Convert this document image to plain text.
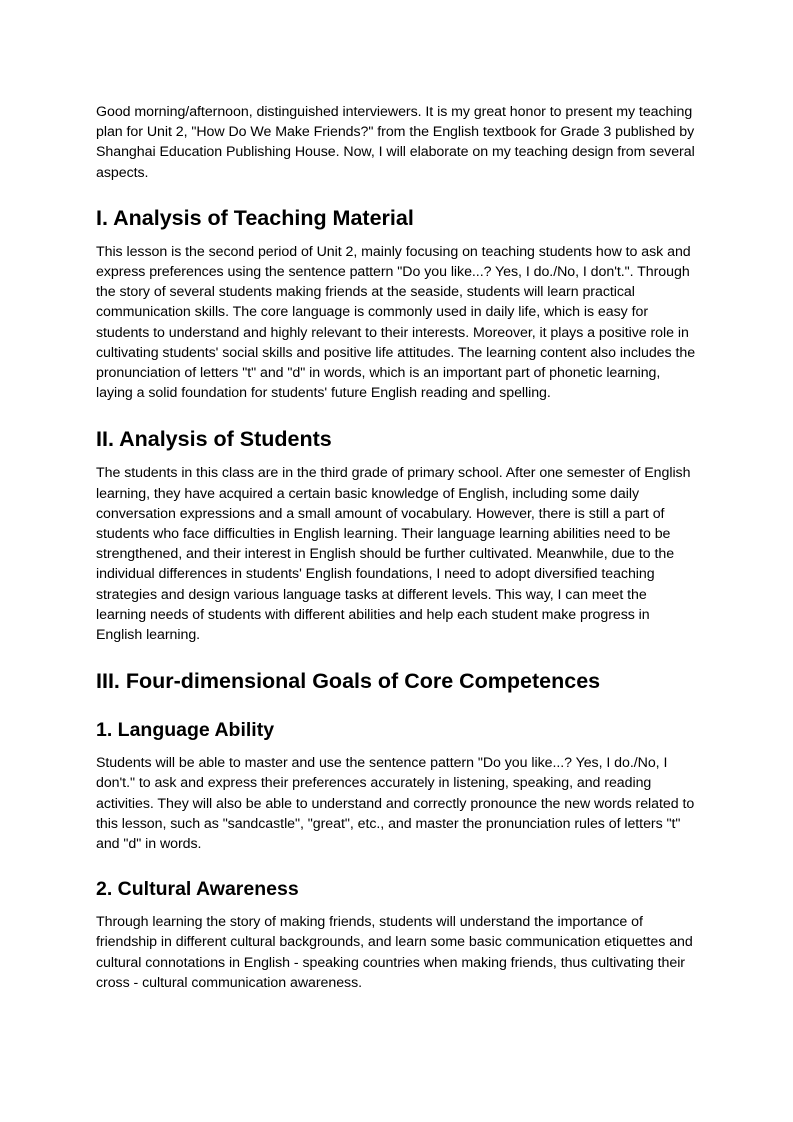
Good morning/afternoon, distinguished interviewers. It is my great honor to present my teaching plan for Unit 2, "How Do We Make Friends?" from the English textbook for Grade 3 published by Shanghai Education Publishing House. Now, I will elaborate on my teaching design from several aspects.

I. Analysis of Teaching Material

This lesson is the second period of Unit 2, mainly focusing on teaching students how to ask and express preferences using the sentence pattern "Do you like...? Yes, I do./No, I don't.". Through the story of several students making friends at the seaside, students will learn practical communication skills. The core language is commonly used in daily life, which is easy for students to understand and highly relevant to their interests. Moreover, it plays a positive role in cultivating students' social skills and positive life attitudes. The learning content also includes the pronunciation of letters "t" and "d" in words, which is an important part of phonetic learning, laying a solid foundation for students' future English reading and spelling.

II. Analysis of Students

The students in this class are in the third grade of primary school. After one semester of English learning, they have acquired a certain basic knowledge of English, including some daily conversation expressions and a small amount of vocabulary. However, there is still a part of students who face difficulties in English learning. Their language learning abilities need to be strengthened, and their interest in English should be further cultivated. Meanwhile, due to the individual differences in students' English foundations, I need to adopt diversified teaching strategies and design various language tasks at different levels. This way, I can meet the learning needs of students with different abilities and help each student make progress in English learning.

III. Four-dimensional Goals of Core Competences
1. Language Ability

Students will be able to master and use the sentence pattern "Do you like...? Yes, I do./No, I don't." to ask and express their preferences accurately in listening, speaking, and reading activities. They will also be able to understand and correctly pronounce the new words related to this lesson, such as "sandcastle", "great", etc., and master the pronunciation rules of letters "t" and "d" in words.

2. Cultural Awareness

Through learning the story of making friends, students will understand the importance of friendship in different cultural backgrounds, and learn some basic communication etiquettes and cultural connotations in English - speaking countries when making friends, thus cultivating their cross - cultural communication awareness.
